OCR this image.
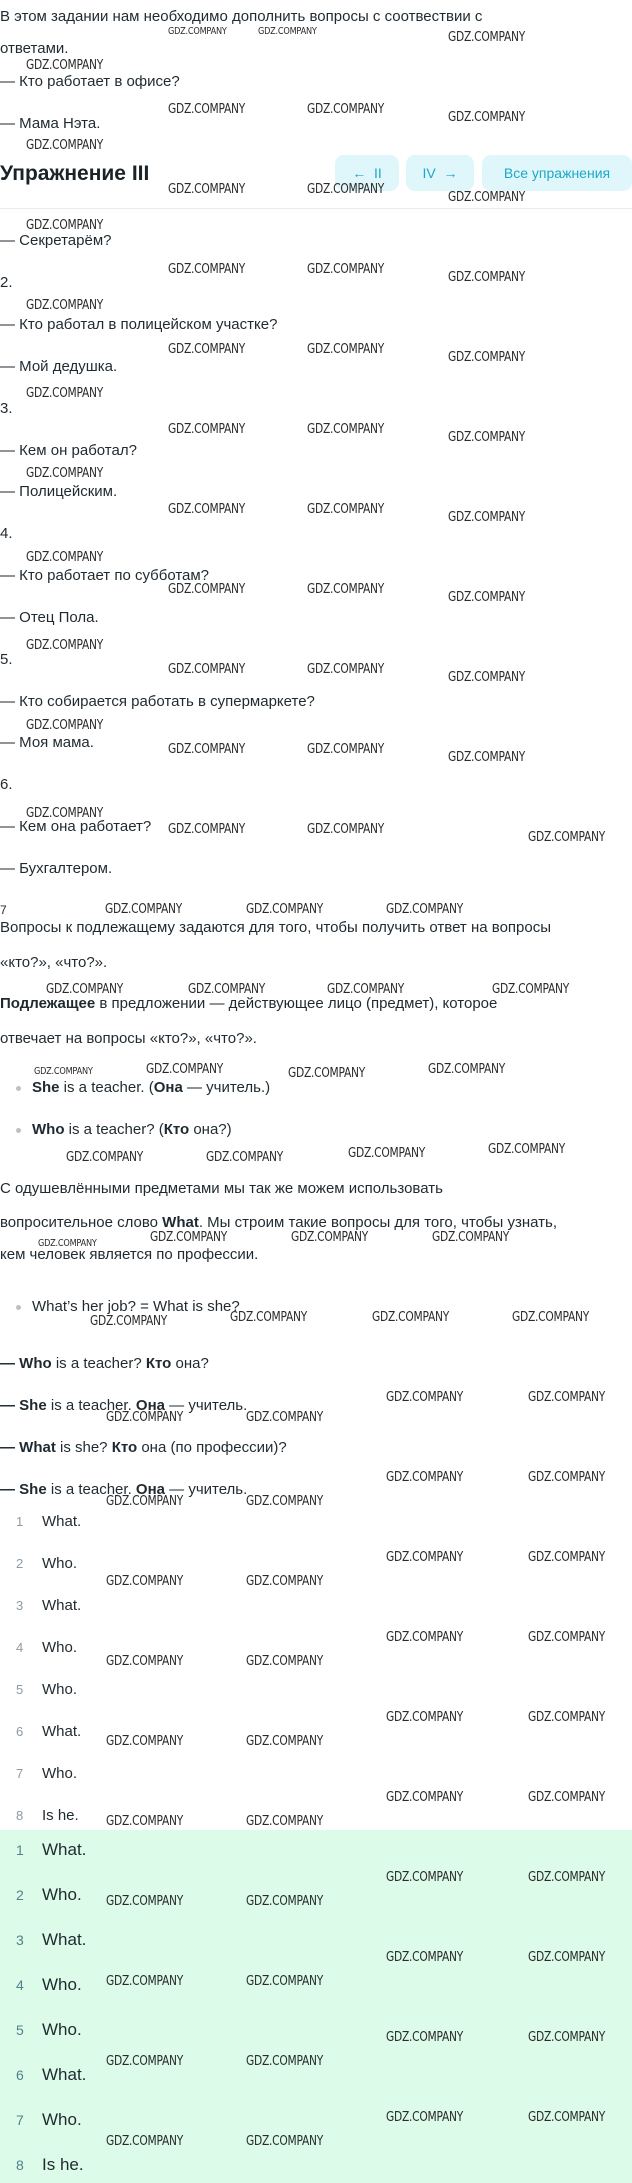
В этом задании нам необходимо дополнить вопросы с соотвествии с
ответами.
— Кто работает в офисе?
— Мама Нэта.
Упражнение III	← II	IV →	Все упражнения
— Секретарём?
2.
— Кто работал в полицейском участке?
— Мой дедушка.
3.
— Кем он работал?
— Полицейским.
4.
— Кто работает по субботам?
— Отец Пола.
5.
— Кто собирается работать в супермаркете?
— Моя мама.
6.
— Кем она работает?
— Бухгалтером.
7
Вопросы к подлежащему задаются для того, чтобы получить ответ на вопросы
«кто?», «что?».
Подлежащее в предложении — действующее лицо (предмет), которое
отвечает на вопросы «кто?», «что?».
She is a teacher. (Она — учитель.)
Who is a teacher? (Кто она?)
С одушевлёнными предметами мы так же можем использовать
вопросительное слово What. Мы строим такие вопросы для того, чтобы узнать,
кем человек является по профессии.
What’s her job? = What is she?
— Who is a teacher? Кто она?
— She is a teacher. Она — учитель.
— What is she? Кто она (по профессии)?
— She is a teacher. Она — учитель.
1 What.
2 Who.
3 What.
4 Who.
5 Who.
6 What.
7 Who.
8 Is he.
1 What.
2 Who.
3 What.
4 Who.
5 Who.
6 What.
7 Who.
8 Is he.
GDZ.COMPANY	GDZ.COMPANY	GDZ.COMPANY
GDZ.COMPANY
GDZ.COMPANY	GDZ.COMPANY
GDZ.COMPANY
GDZ.COMPANY
GDZ.COMPANY	GDZ.COMPANY
GDZ.COMPANY
GDZ.COMPANY
GDZ.COMPANY	GDZ.COMPANY
GDZ.COMPANY
GDZ.COMPANY
GDZ.COMPANY	GDZ.COMPANY
GDZ.COMPANY
GDZ.COMPANY
GDZ.COMPANY	GDZ.COMPANY
GDZ.COMPANY
GDZ.COMPANY
GDZ.COMPANY	GDZ.COMPANY
GDZ.COMPANY
GDZ.COMPANY
GDZ.COMPANY	GDZ.COMPANY
GDZ.COMPANY
GDZ.COMPANY
GDZ.COMPANY	GDZ.COMPANY
GDZ.COMPANY
GDZ.COMPANY
GDZ.COMPANY	GDZ.COMPANY
GDZ.COMPANY
GDZ.COMPANY
GDZ.COMPANY	GDZ.COMPANY
GDZ.COMPANY
GDZ.COMPANY	GDZ.COMPANY	GDZ.COMPANY
GDZ.COMPANY	GDZ.COMPANY	GDZ.COMPANY	GDZ.COMPANY
GDZ.COMPANY	GDZ.COMPANY	GDZ.COMPANY	GDZ.COMPANY
GDZ.COMPANY	GDZ.COMPANY	GDZ.COMPANY	GDZ.COMPANY
GDZ.COMPANY	GDZ.COMPANY	GDZ.COMPANY	GDZ.COMPANY
GDZ.COMPANY	GDZ.COMPANY	GDZ.COMPANY	GDZ.COMPANY
GDZ.COMPANY	GDZ.COMPANY
GDZ.COMPANY	GDZ.COMPANY
GDZ.COMPANY	GDZ.COMPANY
GDZ.COMPANY	GDZ.COMPANY
GDZ.COMPANY	GDZ.COMPANY
GDZ.COMPANY	GDZ.COMPANY
GDZ.COMPANY	GDZ.COMPANY
GDZ.COMPANY	GDZ.COMPANY
GDZ.COMPANY	GDZ.COMPANY
GDZ.COMPANY	GDZ.COMPANY
GDZ.COMPANY	GDZ.COMPANY
GDZ.COMPANY	GDZ.COMPANY
GDZ.COMPANY	GDZ.COMPANY
GDZ.COMPANY	GDZ.COMPANY
GDZ.COMPANY	GDZ.COMPANY
GDZ.COMPANY	GDZ.COMPANY
GDZ.COMPANY	GDZ.COMPANY
GDZ.COMPANY	GDZ.COMPANY
GDZ.COMPANY	GDZ.COMPANY
GDZ.COMPANY	GDZ.COMPANY
